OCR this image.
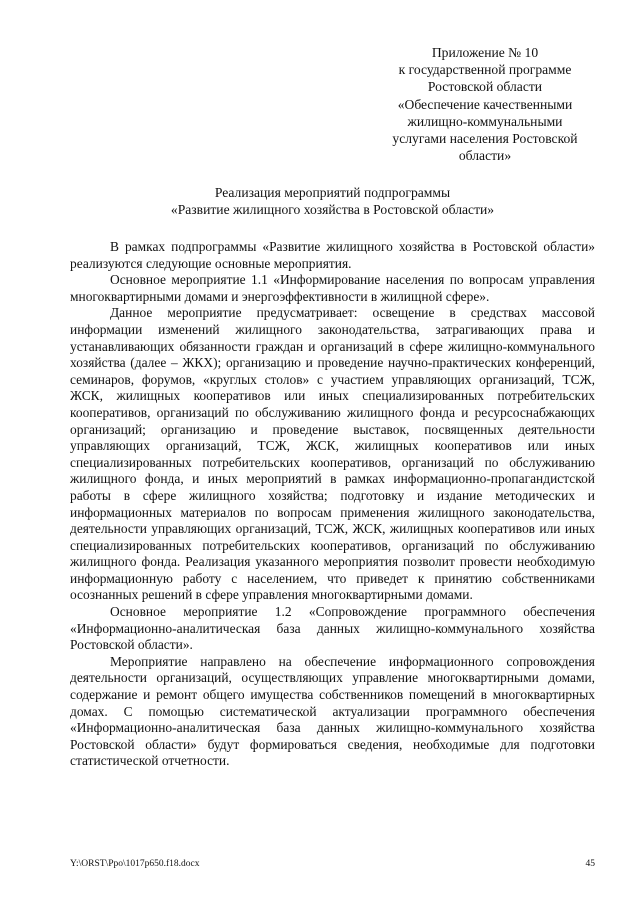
Приложение № 10
к государственной программе
Ростовской области
«Обеспечение качественными
жилищно-коммунальными
услугами населения Ростовской
области»
Реализация мероприятий подпрограммы
«Развитие жилищного хозяйства в Ростовской области»

В рамках подпрограммы «Развитие жилищного хозяйства в Ростовской области» реализуются следующие основные мероприятия.

Основное мероприятие 1.1 «Информирование населения по вопросам управления многоквартирными домами и энергоэффективности в жилищной сфере».

Данное мероприятие предусматривает: освещение в средствах массовой информации изменений жилищного законодательства, затрагивающих права и устанавливающих обязанности граждан и организаций в сфере жилищно-коммунального хозяйства (далее – ЖКХ); организацию и проведение научно-практических конференций, семинаров, форумов, «круглых столов» с участием управляющих организаций, ТСЖ, ЖСК, жилищных кооперативов или иных специализированных потребительских кооперативов, организаций по обслуживанию жилищного фонда и ресурсоснабжающих организаций; организацию и проведение выставок, посвященных деятельности управляющих организаций, ТСЖ, ЖСК, жилищных кооперативов или иных специализированных потребительских кооперативов, организаций по обслуживанию жилищного фонда, и иных мероприятий в рамках информационно-пропагандистской работы в сфере жилищного хозяйства; подготовку и издание методических и информационных материалов по вопросам применения жилищного законодательства, деятельности управляющих организаций, ТСЖ, ЖСК, жилищных кооперативов или иных специализированных потребительских кооперативов, организаций по обслуживанию жилищного фонда. Реализация указанного мероприятия позволит провести необходимую информационную работу с населением, что приведет к принятию собственниками осознанных решений в сфере управления многоквартирными домами.

Основное мероприятие 1.2 «Сопровождение программного обеспечения «Информационно-аналитическая база данных жилищно-коммунального хозяйства Ростовской области».

Мероприятие направлено на обеспечение информационного сопровождения деятельности организаций, осуществляющих управление многоквартирными домами, содержание и ремонт общего имущества собственников помещений в многоквартирных домах. С помощью систематической актуализации программного обеспечения «Информационно-аналитическая база данных жилищно-коммунального хозяйства Ростовской области» будут формироваться сведения, необходимые для подготовки статистической отчетности.

Y:\ORST\Ppo\1017p650.f18.docx	45
